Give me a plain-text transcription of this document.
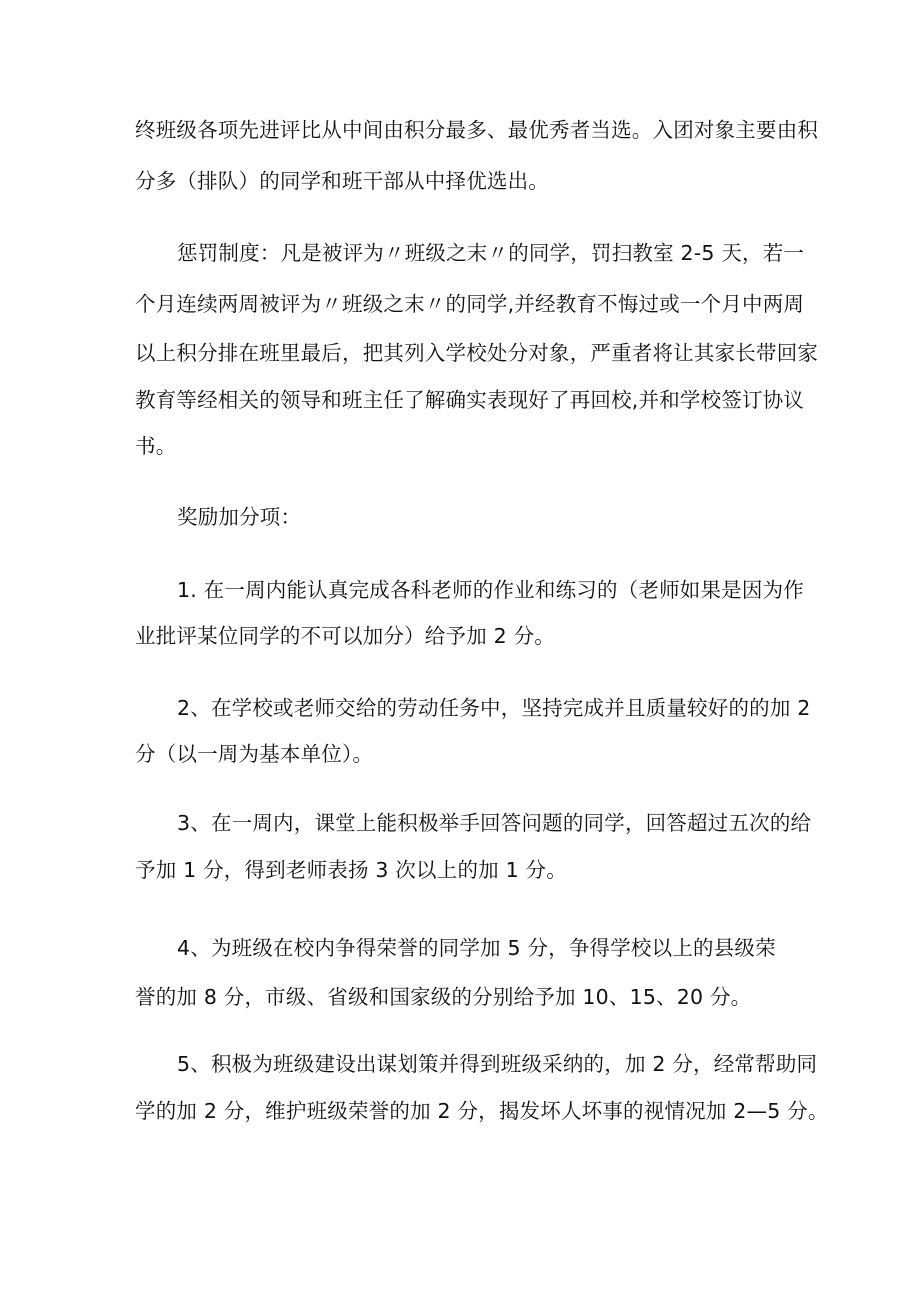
终班级各项先进评比从中间由积分最多、最优秀者当选。入团对象主要由积
分多（排队）的同学和班干部从中择优选出。
惩罚制度：凡是被评为〃班级之末〃的同学，罚扫教室 2-5 天，若一
个月连续两周被评为〃班级之末〃的同学,并经教育不悔过或一个月中两周
以上积分排在班里最后，把其列入学校处分对象，严重者将让其家长带回家
教育等经相关的领导和班主任了解确实表现好了再回校,并和学校签订协议
书。
奖励加分项：
1. 在一周内能认真完成各科老师的作业和练习的（老师如果是因为作
业批评某位同学的不可以加分）给予加 2 分。
2、在学校或老师交给的劳动任务中，坚持完成并且质量较好的的加 2
分（以一周为基本单位）。
3、在一周内，课堂上能积极举手回答问题的同学，回答超过五次的给
予加 1 分，得到老师表扬 3 次以上的加 1 分。
4、为班级在校内争得荣誉的同学加 5 分，争得学校以上的县级荣
誉的加 8 分，市级、省级和国家级的分别给予加 10、15、20 分。
5、积极为班级建设出谋划策并得到班级采纳的，加 2 分，经常帮助同
学的加 2 分，维护班级荣誉的加 2 分，揭发坏人坏事的视情况加 2—5 分。
